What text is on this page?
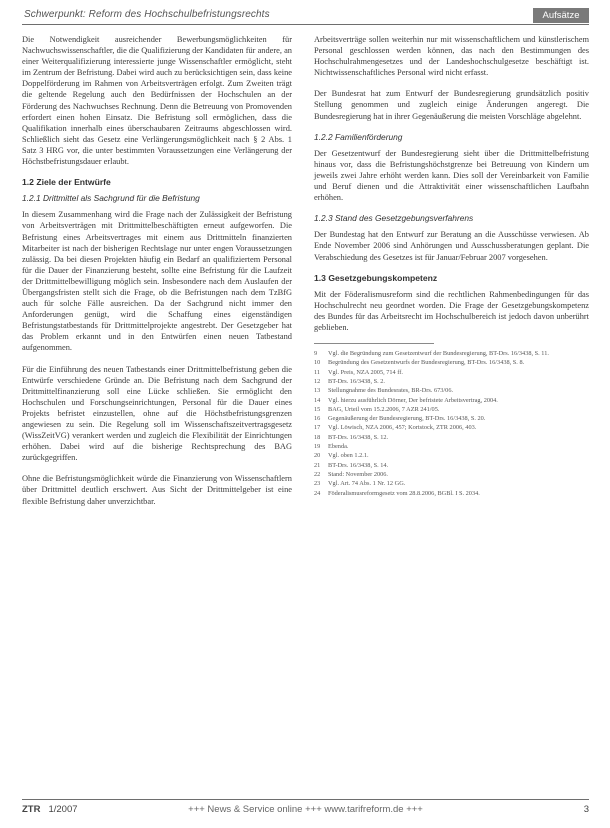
Schwerpunkt: Reform des Hochschulbefristungsrechts	Aufsätze

Die Notwendigkeit ausreichender Bewerbungsmöglichkeiten für Nachwuchswissenschaftler, die die Qualifizierung der Kandidaten für andere, an einer Weiterqualifizierung interessierte junge Wissenschaftler ermöglicht, steht im Zentrum der Befristung. Dabei wird auch zu berücksichtigen sein, dass keine Doppelförderung im Rahmen von Arbeitsverträgen erfolgt. Zum Zweiten trägt die geltende Regelung auch den Bedürfnissen der Hochschulen an der Förderung des Nachwuchses Rechnung. Denn die Betreuung von Promovenden erfordert einen hohen Einsatz. Die Befristung soll ermöglichen, dass die Qualifikation innerhalb eines überschaubaren Zeitraums abgeschlossen wird. Schließlich sieht das Gesetz eine Verlängerungsmöglichkeit nach § 2 Abs. 1 Satz 3 HRG vor, die unter bestimmten Voraussetzungen eine Verlängerung der Höchstbefristungsdauer erlaubt.

1.2 Ziele der Entwürfe
1.2.1 Drittmittel als Sachgrund für die Befristung

In diesem Zusammenhang wird die Frage nach der Zulässigkeit der Befristung von Arbeitsverträgen mit Drittmittelbeschäftigten erneut aufgeworfen. Die Befristung eines Arbeitsvertrages mit einem aus Drittmitteln finanzierten Mitarbeiter ist nach der bisherigen Rechtslage nur unter engen Voraussetzungen zulässig. Da bei diesen Projekten häufig ein Bedarf an qualifiziertem Personal für die Dauer der Finanzierung besteht, sollte eine Befristung für die Laufzeit der Drittmittelbewilligung möglich sein. Insbesondere nach dem Auslaufen der Übergangsfristen stellt sich die Frage, ob die Befristungen nach dem TzBfG auch für solche Fälle ausreichen. Da der Sachgrund nicht immer den Anforderungen genügt, wird die Schaffung eines eigenständigen Befristungstatbestands für Drittmittelprojekte angestrebt. Der Gesetzgeber hat das Problem erkannt und in den Entwürfen einen neuen Tatbestand aufgenommen.

Für die Einführung des neuen Tatbestands einer Drittmittelbefristung geben die Entwürfe verschiedene Gründe an. Die Befristung nach dem Sachgrund der Drittmittelfinanzierung soll eine Lücke schließen. Sie ermöglicht den Hochschulen und Forschungseinrichtungen, Personal für die Dauer eines Projekts befristet einzustellen, ohne auf die Höchstbefristungsgrenzen angewiesen zu sein. Die Regelung soll im Wissenschaftszeitvertragsgesetz (WissZeitVG) verankert werden und zugleich die Flexibilität der Einrichtungen erhöhen. Dabei wird auf die bisherige Rechtsprechung des BAG zurückgegriffen.

Ohne die Befristungsmöglichkeit würde die Finanzierung von Wissenschaftlern über Drittmittel deutlich erschwert. Aus Sicht der Drittmittelgeber ist eine flexible Befristung daher unverzichtbar.

Arbeitsverträge sollen weiterhin nur mit wissenschaftlichem und künstlerischem Personal geschlossen werden können, das nach den Bestimmungen des Hochschulrahmengesetzes und der Landeshochschulgesetze beschäftigt ist. Nichtwissenschaftliches Personal wird nicht erfasst.

Der Bundesrat hat zum Entwurf der Bundesregierung grundsätzlich positiv Stellung genommen und zugleich einige Änderungen angeregt. Die Bundesregierung hat in ihrer Gegenäußerung die meisten Vorschläge abgelehnt.

1.2.2 Familienförderung

Der Gesetzentwurf der Bundesregierung sieht über die Drittmittelbefristung hinaus vor, dass die Befristungshöchstgrenze bei Betreuung von Kindern um jeweils zwei Jahre erhöht werden kann. Dies soll der Vereinbarkeit von Familie und Beruf dienen und die Attraktivität einer wissenschaftlichen Laufbahn erhöhen.

1.2.3 Stand des Gesetzgebungsverfahrens

Der Bundestag hat den Entwurf zur Beratung an die Ausschüsse verwiesen. Ab Ende November 2006 sind Anhörungen und Ausschussberatungen geplant. Die Verabschiedung des Gesetzes ist für Januar/Februar 2007 vorgesehen.

1.3 Gesetzgebungskompetenz

Mit der Föderalismusreform sind die rechtlichen Rahmenbedingungen für das Hochschulrecht neu geordnet worden. Die Frage der Gesetzgebungskompetenz des Bundes für das Arbeitsrecht im Hochschulbereich ist jedoch davon unberührt geblieben.

9	Vgl. die Begründung zum Gesetzentwurf der Bundesregierung, BT-Drs. 16/3438, S. 11.
10	Begründung des Gesetzentwurfs der Bundesregierung, BT-Drs. 16/3438, S. 8.
11	Vgl. Preis, NZA 2005, 714 ff.
12	BT-Drs. 16/3438, S. 2.
13	Stellungnahme des Bundesrates, BR-Drs. 673/06.
14	Vgl. hierzu ausführlich Dörner, Der befristete Arbeitsvertrag, 2004.
15	BAG, Urteil vom 15.2.2006, 7 AZR 241/05.
16	Gegenäußerung der Bundesregierung, BT-Drs. 16/3438, S. 20.
17	Vgl. Löwisch, NZA 2006, 457; Kortstock, ZTR 2006, 403.
18	BT-Drs. 16/3438, S. 12.
19	Ebenda.
20	Vgl. oben 1.2.1.
21	BT-Drs. 16/3438, S. 14.
22	Stand: November 2006.
23	Vgl. Art. 74 Abs. 1 Nr. 12 GG.
24	Föderalismusreformgesetz vom 28.8.2006, BGBl. I S. 2034.
ZTR 1/2007	+++ News & Service online +++ www.tarifreform.de +++	3
